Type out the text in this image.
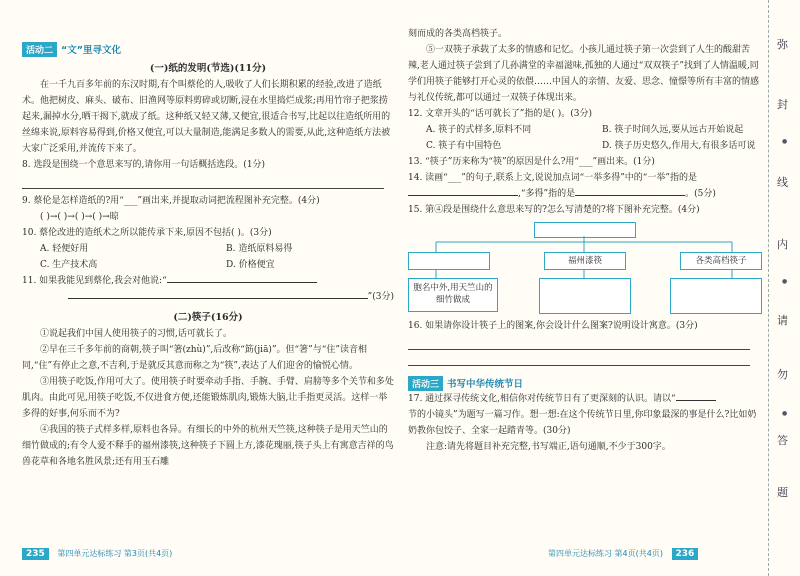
活动二 “文”里寻文化
(一)纸的发明(节选)(11分)

在一千九百多年前的东汉时期,有个叫蔡伦的人,吸收了人们长期积累的经验,改进了造纸术。他把树皮、麻头、破布、旧渔网等原料剪碎或切断,浸在水里捣烂成浆;再用竹帘子把浆捞起来,漏掉水分,晒干揭下,就成了纸。这种纸又轻又薄,又便宜,很适合书写,比起以往造纸所用的丝绵来说,原料容易得到,价格又便宜,可以大量制造,能满足多数人的需要,从此,这种造纸方法被大家广泛采用,并流传下来了。

8. 选段是围绕一个意思来写的,请你用一句话概括选段。(1分)

9. 蔡伦是怎样造纸的?用“___”画出来,并提取动词把流程图补充完整。(4分)

( )→( )→( )→( )→晾

10. 蔡伦改进的造纸术之所以能传承下来,原因不包括( )。(3分)

A. 轻便好用	B. 造纸原料易得
C. 生产技术高	D. 价格便宜

11. 如果我能见到蔡伦,我会对他说:“

”(3分)

(二)筷子(16分)

①说起我们中国人使用筷子的习惯,话可就长了。

②早在三千多年前的商朝,筷子叫“箸(zhù)”,后改称“筯(jiā)”。但“箸”与“住”读音相同,“住”有停止之意,不吉利,于是就反其意而称之为“筷”,表达了人们迎舍的愉悦心情。

③用筷子吃饭,作用可大了。使用筷子时要牵动手指、手腕、手臂、肩膀等多个关节和多处肌肉。由此可见,用筷子吃饭,不仅进食方便,还能锻炼肌肉,锻炼大脑,让手指更灵活。这样一举多得的好事,何乐而不为?

④我国的筷子式样多样,原料也各异。有细长的中外的杭州天竺筷,这种筷子是用天竺山的细竹做成的;有令人爱不释手的福州漆筷,这种筷子下圆上方,漆花瑰丽,筷子头上有寓意吉祥的鸟兽花草和各地名胜风景;还有用玉石雕

235 第四单元达标练习 第3页(共4页)

刻而成的各类高档筷子。

⑤一双筷子承载了太多的情感和记忆。小孩儿通过筷子第一次尝到了人生的酸甜苦辣,老人通过筷子尝到了几孙满堂的幸福滋味,孤独的人通过“双双筷子”找到了人情温暖,同学们用筷子能够打开心灵的依偎……中国人的亲情、友爱、思念、憧憬等所有丰富的情感与礼仪传统,都可以通过一双筷子体现出来。

12. 文章开头的“话可就长了”指的是( )。(3分)

A. 筷子的式样多,原料不同	B. 筷子时间久远,要从远古开始说起
C. 筷子有中国特色	D. 筷子历史悠久,作用大,有很多话可说

13. “筷子”历来称为“筷”的原因是什么?用“___”画出来。(1分)

14. 读画“___”的句子,联系上文,说说加点词“一举多得”中的“一举”指的是

,“多得”指的是	。(5分)

15. 第④段是围绕什么意思来写的?怎么写清楚的?将下图补充完整。(4分)

福州漆筷	各类高档筷子
胞名中外,用天竺山的细竹做成

16. 如果请你设计筷子上的图案,你会设计什么图案?说明设计寓意。(3分)

活动三 书写中华传统节日

17. 通过探寻传统文化,相信你对传统节日有了更深刻的认识。请以“

节的小镜头”为题写一篇习作。想一想:在这个传统节日里,你印象最深的事是什么?比如奶奶教你包饺子、全家一起踏青等。(30分)

注意:请先将题目补充完整,书写端正,语句通顺,不少于300字。

第四单元达标练习 第4页(共4页) 236
弥
封
●
线
内
●
请
勿
●
答
题
